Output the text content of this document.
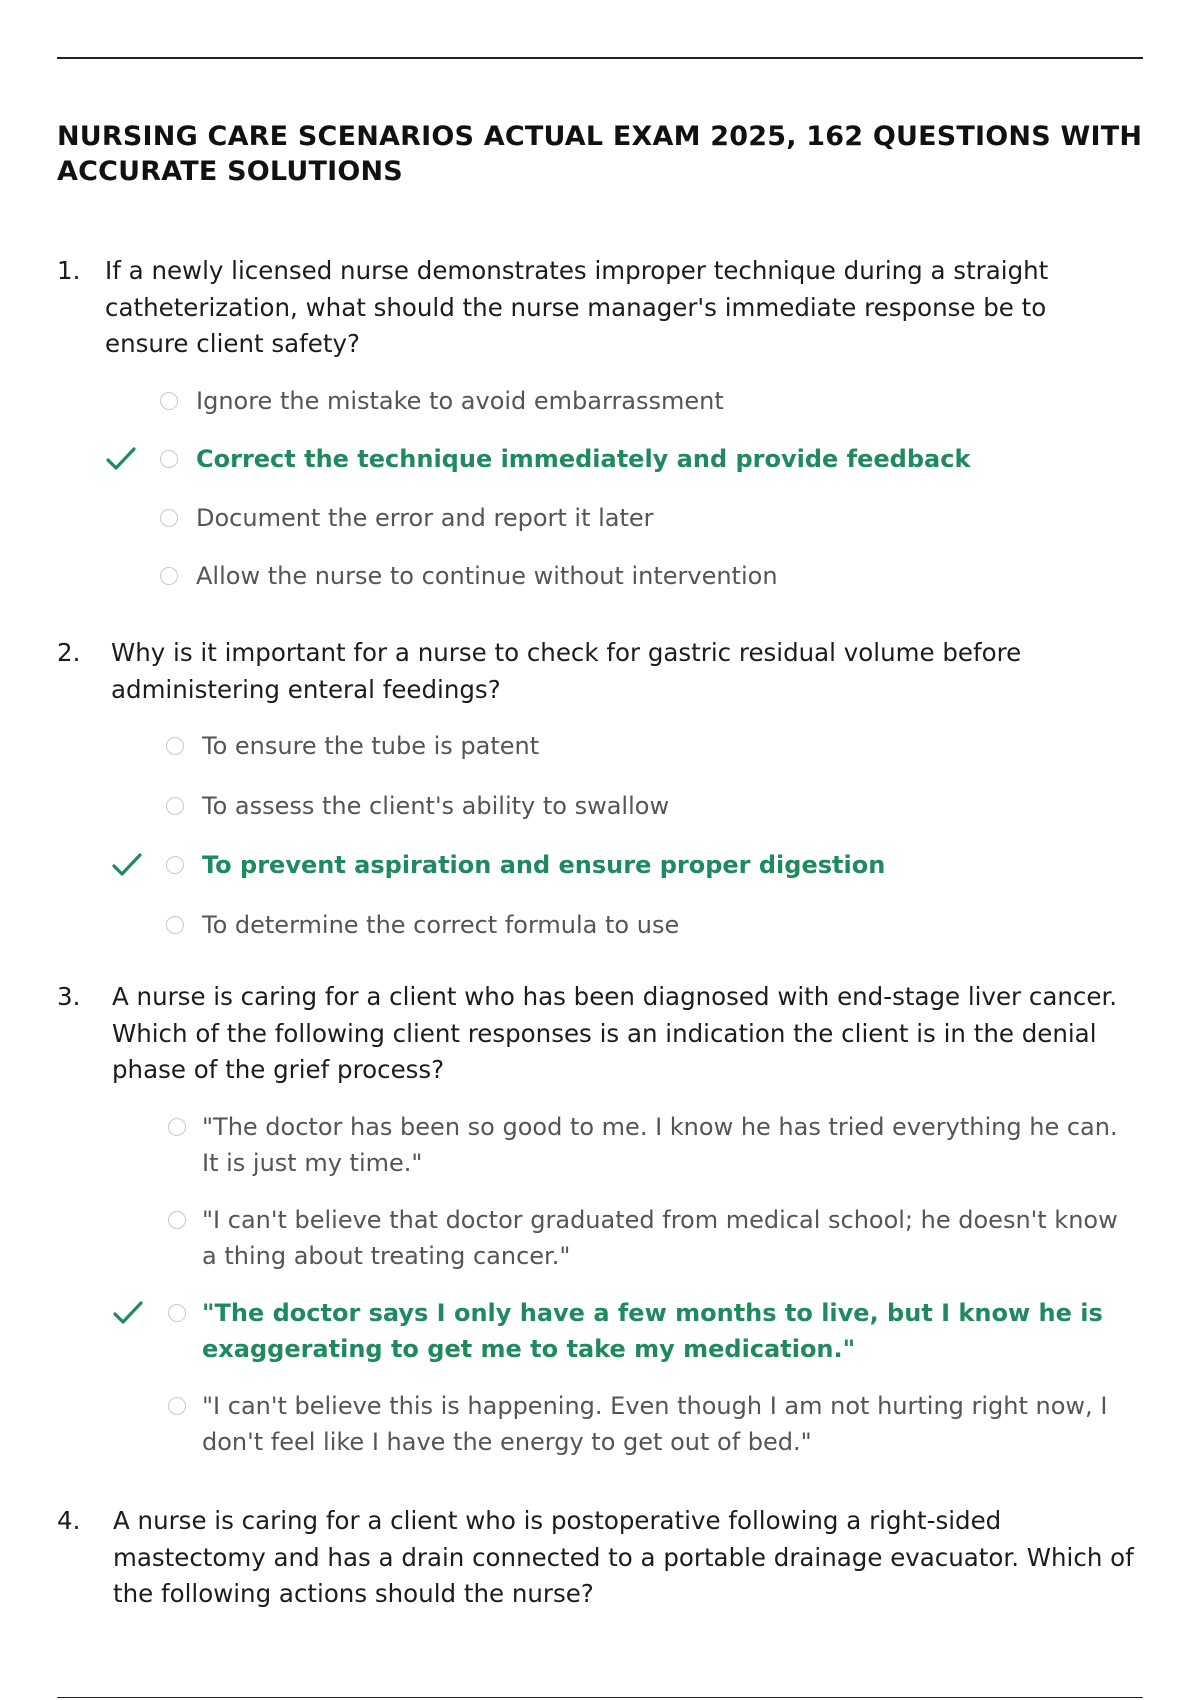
NURSING CARE SCENARIOS ACTUAL EXAM 2025, 162 QUESTIONS WITH ACCURATE SOLUTIONS
1. If a newly licensed nurse demonstrates improper technique during a straight catheterization, what should the nurse manager's immediate response be to ensure client safety?
Ignore the mistake to avoid embarrassment
Correct the technique immediately and provide feedback
Document the error and report it later
Allow the nurse to continue without intervention
2. Why is it important for a nurse to check for gastric residual volume before administering enteral feedings?
To ensure the tube is patent
To assess the client's ability to swallow
To prevent aspiration and ensure proper digestion
To determine the correct formula to use
3. A nurse is caring for a client who has been diagnosed with end-stage liver cancer. Which of the following client responses is an indication the client is in the denial phase of the grief process?
"The doctor has been so good to me. I know he has tried everything he can. It is just my time."
"I can't believe that doctor graduated from medical school; he doesn't know a thing about treating cancer."
"The doctor says I only have a few months to live, but I know he is exaggerating to get me to take my medication."
"I can't believe this is happening. Even though I am not hurting right now, I don't feel like I have the energy to get out of bed."
4. A nurse is caring for a client who is postoperative following a right-sided mastectomy and has a drain connected to a portable drainage evacuator. Which of the following actions should the nurse?
